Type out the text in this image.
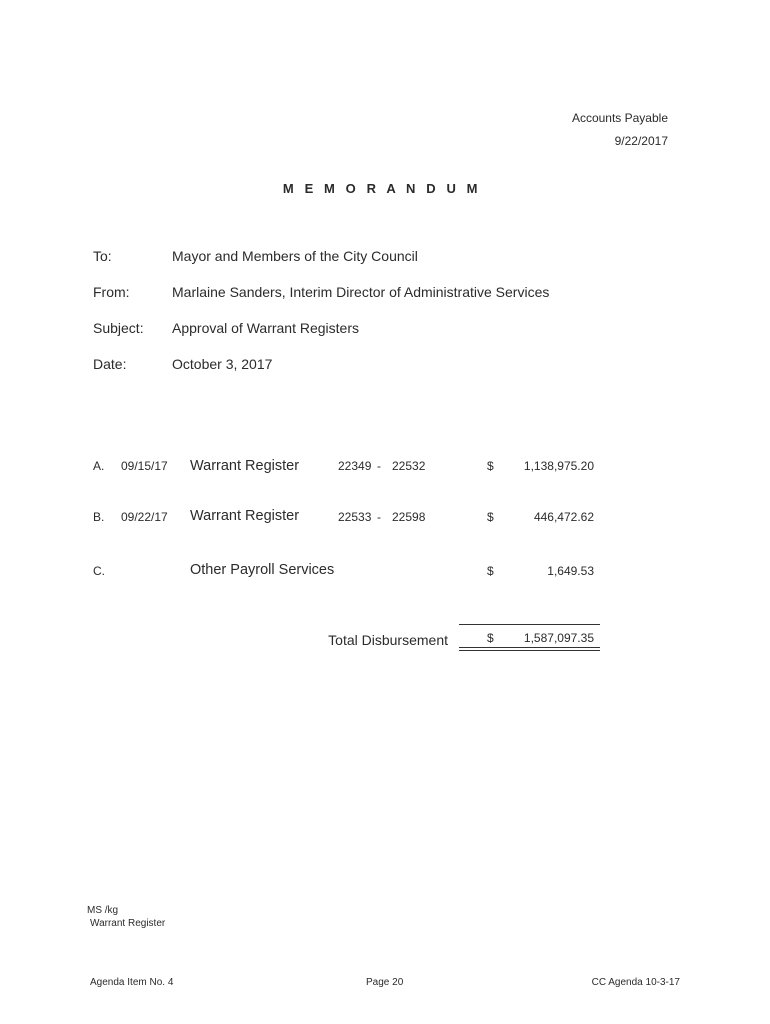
Accounts Payable
9/22/2017
M E M O R A N D U M
To:	Mayor and Members of the City Council
From:	Marlaine Sanders, Interim Director of Administrative Services
Subject: Approval of Warrant Registers
Date:	October 3, 2017
A. 09/15/17 Warrant Register	22349 - 22532	$	1,138,975.20
B. 09/22/17 Warrant Register	22533 - 22598	$	446,472.62
C.	Other Payroll Services	$	1,649.53
Total Disbursement	$	1,587,097.35
MS /kg
Warrant Register
Agenda Item No. 4	Page 20	CC Agenda 10-3-17
